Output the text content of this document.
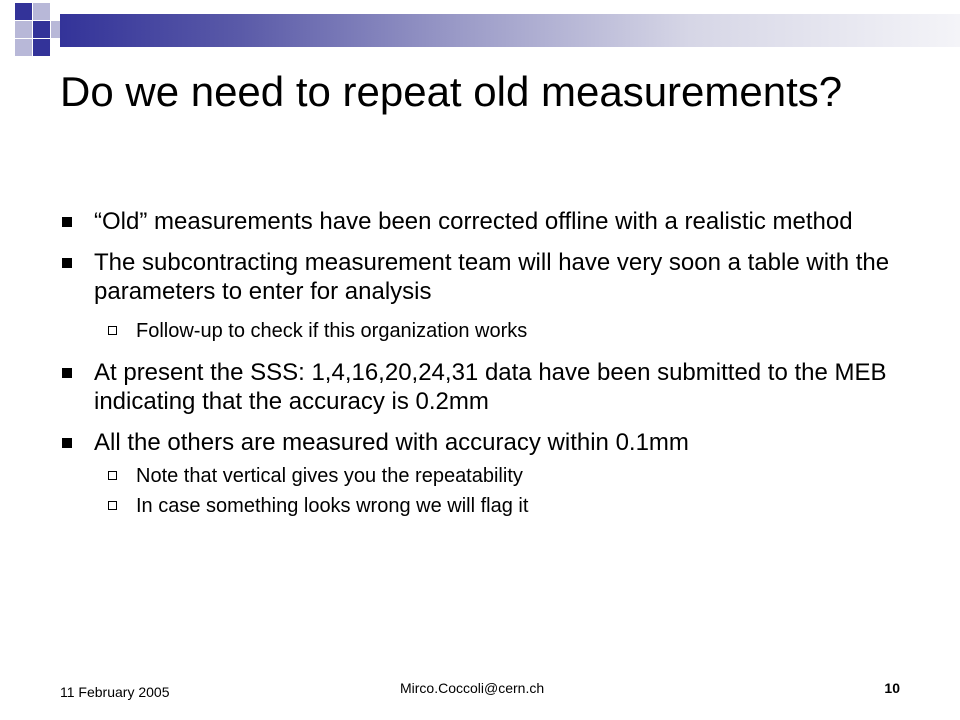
Do we need to repeat old measurements?
“Old” measurements have been corrected offline with a realistic method
The subcontracting measurement team will have very soon a table with the parameters to enter for analysis
Follow-up to check if this organization works
At present the SSS: 1,4,16,20,24,31 data have been submitted to the MEB indicating that the accuracy is 0.2mm
All the others are measured with accuracy within 0.1mm
Note that vertical gives you the repeatability
In case something looks wrong we will flag it
11 February 2005	Mirco.Coccoli@cern.ch	10
